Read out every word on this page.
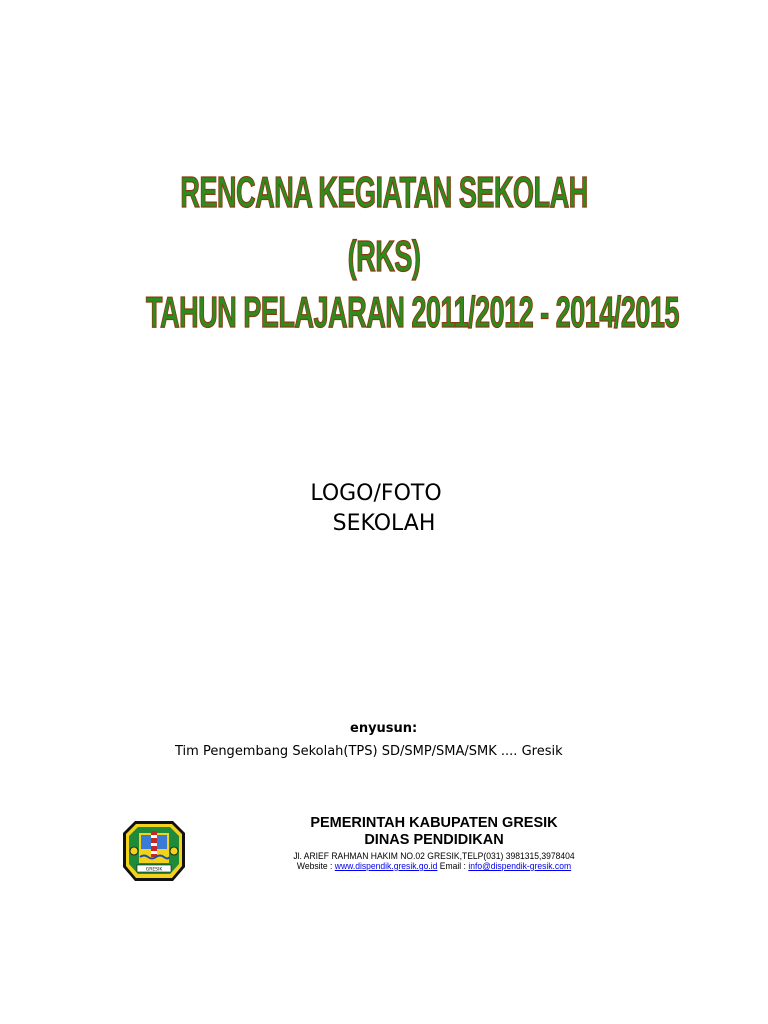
RENCANA KEGIATAN SEKOLAH
(RKS)
TAHUN PELAJARAN 2011/2012 - 2014/2015
LOGO/FOTO
SEKOLAH
enyusun:
Tim Pengembang Sekolah(TPS) SD/SMP/SMA/SMK .... Gresik
GRESIK
PEMERINTAH KABUPATEN GRESIK
DINAS PENDIDIKAN
Jl. ARIEF RAHMAN HAKIM NO.02 GRESIK,TELP(031) 3981315,3978404
Website : www.dispendik.gresik.go.id Email : info@dispendik-gresik.com
